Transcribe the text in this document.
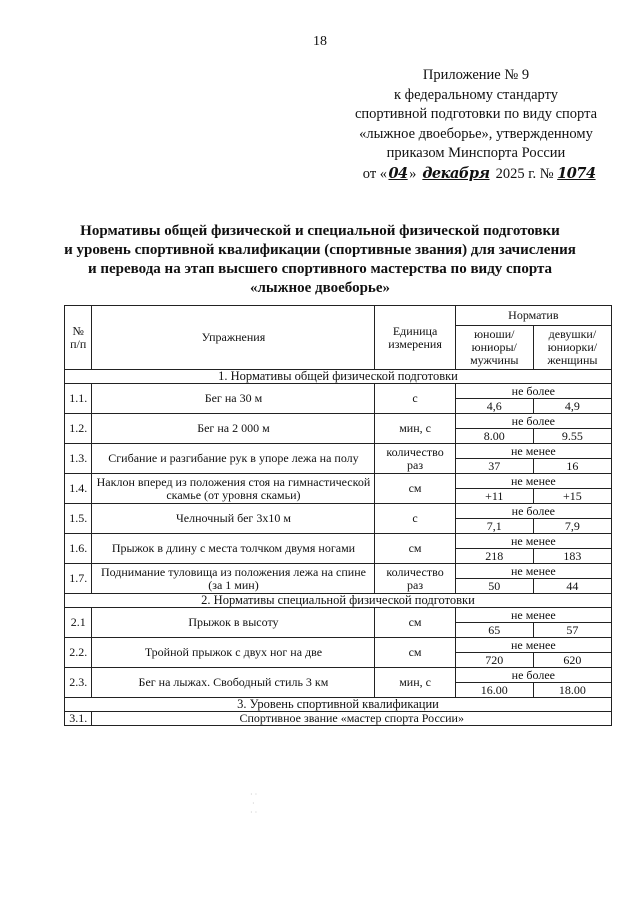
18
Приложение № 9
к федеральному стандарту
спортивной подготовки по виду спорта
«лыжное двоеборье», утвержденному
приказом Минспорта России
от «04» декабря 2025 г. № 1074
Нормативы общей физической и специальной физической подготовки
и уровень спортивной квалификации (спортивные звания) для зачисления
и перевода на этап высшего спортивного мастерства по виду спорта
«лыжное двоеборье»
№ п/п	Упражнения	Единица измерения	Норматив	
			юноши/ юниоры/ мужчины	девушки/ юниорки/ женщины
1. Нормативы общей физической подготовки				
1.1.	Бег на 30 м	с	не более	
			4,6	4,9
1.2.	Бег на 2 000 м	мин, с	не более	
			8.00	9.55
1.3.	Сгибание и разгибание рук в упоре лежа на полу	количество раз	не менее	
			37	16
1.4.	Наклон вперед из положения стоя на гимнастической скамье (от уровня скамьи)	см	не менее	
			+11	+15
1.5.	Челночный бег 3х10 м	с	не более	
			7,1	7,9
1.6.	Прыжок в длину с места толчком двумя ногами	см	не менее	
			218	183
1.7.	Поднимание туловища из положения лежа на спине (за 1 мин)	количество раз	не менее	
			50	44
2. Нормативы специальной физической подготовки				
2.1	Прыжок в высоту	см	не менее	
			65	57
2.2.	Тройной прыжок с двух ног на две	см	не менее	
			720	620
2.3.	Бег на лыжах. Свободный стиль 3 км	мин, с	не более	
			16.00	18.00
3. Уровень спортивной квалификации				
3.1.	Спортивное звание «мастер спорта России»			
· ·
·
· ·
